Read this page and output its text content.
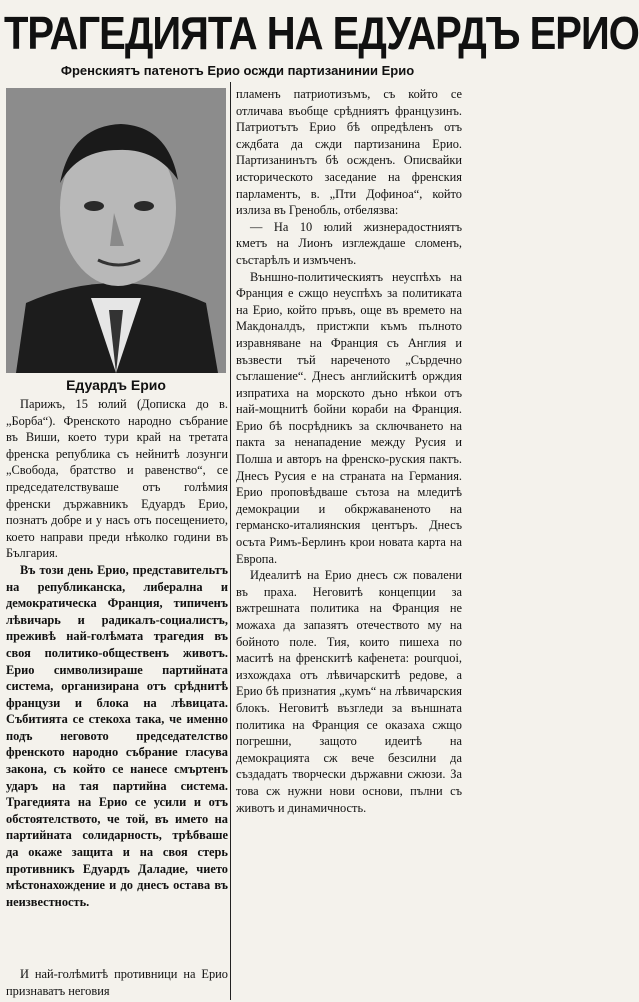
ТРАГЕДИЯТА НА ЕДУАРДЪ ЕРИО
Френскиятъ патенотъ Ерио осжди партизанинии Ерио
Едуардъ Ерио

Парижъ, 15 юлий (Дописка до в. „Борба“). Френското народно събрание въ Виши, което тури край на третата френска република съ нейнитѣ лозунги „Свобода, братство и равенство“, се председателствуваше отъ голѣмия френски държавникъ Едуардъ Ерио, познатъ добре и у насъ отъ посещението, което направи преди нѣколко години въ България.

Въ този день Ерио, представительтъ на републиканска, либерална и демократическа Франция, типиченъ лѣвичарь и радикалъ-социалистъ, преживѣ най-голѣмата трагедия въ своя политико-общественъ животъ. Ерио символизираше партийната система, организирана отъ срѣднитѣ французи и блока на лѣвицата. Събитията се стекоха така, че именно подъ неговото председателство френското народно събрание гласува закона, съ който се нанесе смъртенъ ударъ на тая партийна система. Трагедията на Ерио се усили и отъ обстоятелството, че той, въ името на партийната солидарность, трѣбваше да окаже защита и на своя стерь противникъ Едуардъ Даладие, чието мѣстонахождение и до днесъ остава въ неизвестность.

И най-голѣмитѣ противници на Ерио признаватъ неговия

пламенъ патриотизъмъ, съ който се отличава въобще срѣдниятъ французинъ. Патриотътъ Ерио бѣ опредѣленъ отъ сждбата да сжди партизанина Ерио. Партизанинътъ бѣ осжденъ. Описвайки историческото заседание на френския парламентъ, в. „Пти Дофиноа“, който излиза въ Гренобль, отбелязва:

— На 10 юлий жизнерадостниятъ кметъ на Лионъ изглеждаше сломенъ, състарѣлъ и измъченъ.

Външно-политическиятъ неуспѣхъ на Франция е сжщо неуспѣхъ за политиката на Ерио, който пръвъ, още въ времето на Макдоналдъ, пристжпи къмъ пълното изравняване на Франция съ Англия и възвести тъй нареченото „Сърдечно съглашение“. Днесъ английскитѣ орждия изпратиха на морското дъно нѣкои отъ най-мощнитѣ бойни кораби на Франция. Ерио бѣ посрѣдникъ за сключването на пакта за ненападение между Русия и Полша и авторъ на френско-руския пактъ. Днесъ Русия е на страната на Германия. Ерио проповѣдваше сътоза на мледитѣ демокрации и обкржаваненото на германско-италиянския центъръ. Днесъ осъта Римъ-Берлинъ крои новата карта на Европа.

Идеалитѣ на Ерио днесъ сж повалени въ праха. Неговитѣ концепции за вжтрешната политика на Франция не можаха да запазятъ отечеството му на бойното поле. Тия, които пишеха по маситѣ на френскитѣ кафенета: pourquoi, изхождаха отъ лѣвичарскитѣ редове, а Ерио бѣ признатия „кумъ“ на лѣвичарския блокъ. Неговитѣ възгледи за външната политика на Франция се оказаха сжщо погрешни, защото идеитѣ на демокрацията сж вече безсилни да създадатъ творчески държавни сжюзи. За това сж нужни нови основи, пълни съ животъ и динамичность.
